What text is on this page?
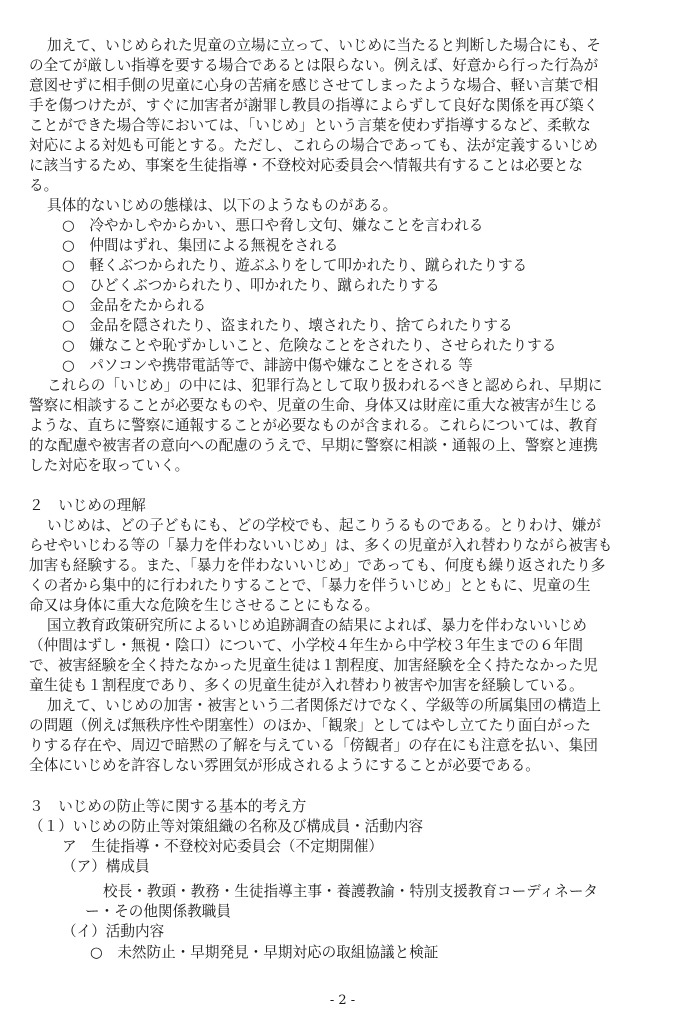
加えて、いじめられた児童の立場に立って、いじめに当たると判断した場合にも、そ
の全てが厳しい指導を要する場合であるとは限らない。例えば、好意から行った行為が
意図せずに相手側の児童に心身の苦痛を感じさせてしまったような場合、軽い言葉で相
手を傷つけたが、すぐに加害者が謝罪し教員の指導によらずして良好な関係を再び築く
ことができた場合等においては、「いじめ」という言葉を使わず指導するなど、柔軟な
対応による対処も可能とする。ただし、これらの場合であっても、法が定義するいじめ
に該当するため、事案を生徒指導・不登校対応委員会へ情報共有することは必要とな
る。
具体的ないじめの態様は、以下のようなものがある。
○　冷やかしやからかい、悪口や脅し文句、嫌なことを言われる
○　仲間はずれ、集団による無視をされる
○　軽くぶつかられたり、遊ぶふりをして叩かれたり、蹴られたりする
○　ひどくぶつかられたり、叩かれたり、蹴られたりする
○　金品をたかられる
○　金品を隠されたり、盗まれたり、壊されたり、捨てられたりする
○　嫌なことや恥ずかしいこと、危険なことをされたり、させられたりする
○　パソコンや携帯電話等で、誹謗中傷や嫌なことをされる 等
これらの「いじめ」の中には、犯罪行為として取り扱われるべきと認められ、早期に
警察に相談することが必要なものや、児童の生命、身体又は財産に重大な被害が生じる
ような、直ちに警察に通報することが必要なものが含まれる。これらについては、教育
的な配慮や被害者の意向への配慮のうえで、早期に警察に相談・通報の上、警察と連携
した対応を取っていく。
２　いじめの理解
いじめは、どの子どもにも、どの学校でも、起こりうるものである。とりわけ、嫌が
らせやいじわる等の「暴力を伴わないいじめ」は、多くの児童が入れ替わりながら被害も
加害も経験する。また、「暴力を伴わないいじめ」であっても、何度も繰り返されたり多
くの者から集中的に行われたりすることで、「暴力を伴ういじめ」とともに、児童の生
命又は身体に重大な危険を生じさせることにもなる。
国立教育政策研究所によるいじめ追跡調査の結果によれば、暴力を伴わないいじめ
（仲間はずし・無視・陰口）について、小学校４年生から中学校３年生までの６年間
で、被害経験を全く持たなかった児童生徒は１割程度、加害経験を全く持たなかった児
童生徒も１割程度であり、多くの児童生徒が入れ替わり被害や加害を経験している。
加えて、いじめの加害・被害という二者関係だけでなく、学級等の所属集団の構造上
の問題（例えば無秩序性や閉塞性）のほか、「観衆」としてはやし立てたり面白がった
りする存在や、周辺で暗黙の了解を与えている「傍観者」の存在にも注意を払い、集団
全体にいじめを許容しない雰囲気が形成されるようにすることが必要である。
３　いじめの防止等に関する基本的考え方
（１）いじめの防止等対策組織の名称及び構成員・活動内容
ア　生徒指導・不登校対応委員会（不定期開催）
（ア）構成員
校長・教頭・教務・生徒指導主事・養護教諭・特別支援教育コーディネータ
ー・その他関係教職員
（イ）活動内容
○　未然防止・早期発見・早期対応の取組協議と検証
- 2 -
